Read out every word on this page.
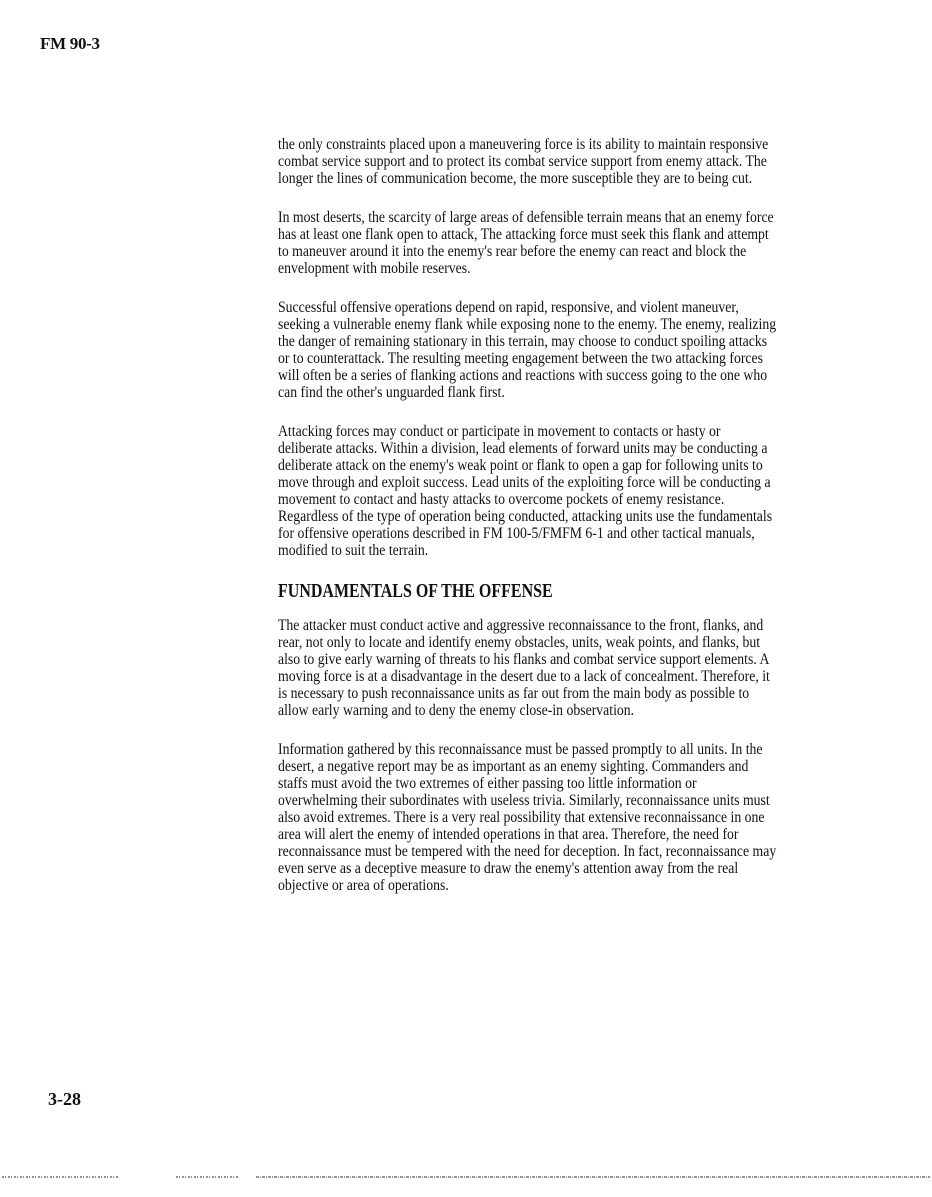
FM 90-3

the only constraints placed upon a maneuvering force is its ability to maintain responsive combat service support and to protect its combat service support from enemy attack. The longer the lines of communication become, the more susceptible they are to being cut.

In most deserts, the scarcity of large areas of defensible terrain means that an enemy force has at least one flank open to attack, The attacking force must seek this flank and attempt to maneuver around it into the enemy's rear before the enemy can react and block the envelopment with mobile reserves.

Successful offensive operations depend on rapid, responsive, and violent maneuver, seeking a vulnerable enemy flank while exposing none to the enemy. The enemy, realizing the danger of remaining stationary in this terrain, may choose to conduct spoiling attacks or to counterattack. The resulting meeting engagement between the two attacking forces will often be a series of flanking actions and reactions with success going to the one who can find the other's unguarded flank first.

Attacking forces may conduct or participate in movement to contacts or hasty or deliberate attacks. Within a division, lead elements of forward units may be conducting a deliberate attack on the enemy's weak point or flank to open a gap for following units to move through and exploit success. Lead units of the exploiting force will be conducting a movement to contact and hasty attacks to overcome pockets of enemy resistance. Regardless of the type of operation being conducted, attacking units use the fundamentals for offensive operations described in FM 100-5/FMFM 6-1 and other tactical manuals, modified to suit the terrain.

FUNDAMENTALS OF THE OFFENSE

The attacker must conduct active and aggressive reconnaissance to the front, flanks, and rear, not only to locate and identify enemy obstacles, units, weak points, and flanks, but also to give early warning of threats to his flanks and combat service support elements. A moving force is at a disadvantage in the desert due to a lack of concealment. Therefore, it is necessary to push reconnaissance units as far out from the main body as possible to allow early warning and to deny the enemy close-in observation.

Information gathered by this reconnaissance must be passed promptly to all units. In the desert, a negative report may be as important as an enemy sighting. Commanders and staffs must avoid the two extremes of either passing too little information or overwhelming their subordinates with useless trivia. Similarly, reconnaissance units must also avoid extremes. There is a very real possibility that extensive reconnaissance in one area will alert the enemy of intended operations in that area. Therefore, the need for reconnaissance must be tempered with the need for deception. In fact, reconnaissance may even serve as a deceptive measure to draw the enemy's attention away from the real objective or area of operations.

3-28
